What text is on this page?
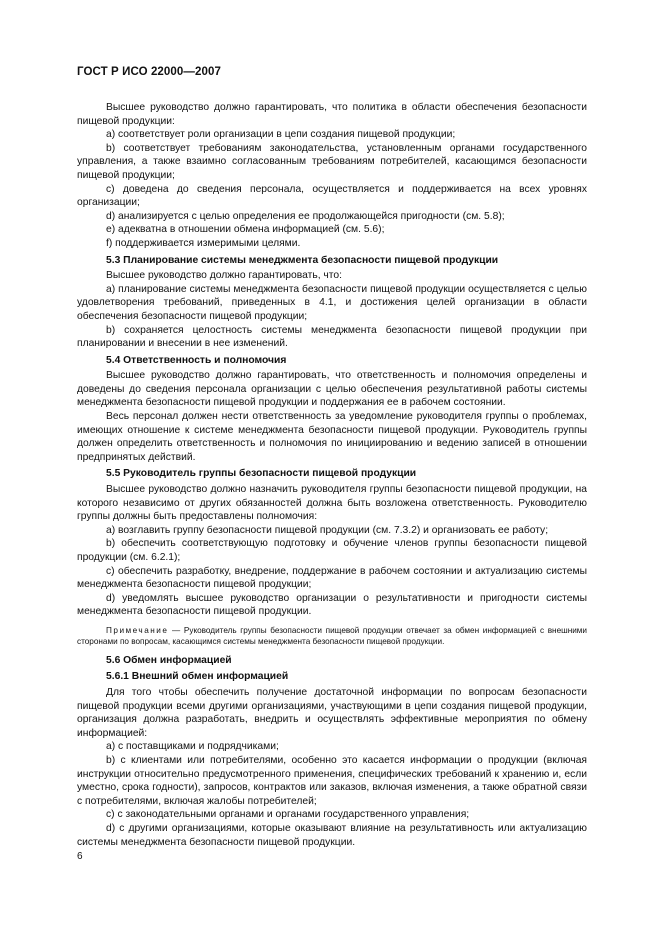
ГОСТ Р ИСО 22000—2007

Высшее руководство должно гарантировать, что политика в области обеспечения безопасности пищевой продукции:

a) соответствует роли организации в цепи создания пищевой продукции;

b) соответствует требованиям законодательства, установленным органами государственного управления, а также взаимно согласованным требованиям потребителей, касающимся безопасности пищевой продукции;

c) доведена до сведения персонала, осуществляется и поддерживается на всех уровнях организации;

d) анализируется с целью определения ее продолжающейся пригодности (см. 5.8);

e) адекватна в отношении обмена информацией (см. 5.6);

f) поддерживается измеримыми целями.

5.3 Планирование системы менеджмента безопасности пищевой продукции

Высшее руководство должно гарантировать, что:

a) планирование системы менеджмента безопасности пищевой продукции осуществляется с целью удовлетворения требований, приведенных в 4.1, и достижения целей организации в области обеспечения безопасности пищевой продукции;

b) сохраняется целостность системы менеджмента безопасности пищевой продукции при планировании и внесении в нее изменений.

5.4 Ответственность и полномочия

Высшее руководство должно гарантировать, что ответственность и полномочия определены и доведены до сведения персонала организации с целью обеспечения результативной работы системы менеджмента безопасности пищевой продукции и поддержания ее в рабочем состоянии.

Весь персонал должен нести ответственность за уведомление руководителя группы о проблемах, имеющих отношение к системе менеджмента безопасности пищевой продукции. Руководитель группы должен определить ответственность и полномочия по инициированию и ведению записей в отношении предпринятых действий.

5.5 Руководитель группы безопасности пищевой продукции

Высшее руководство должно назначить руководителя группы безопасности пищевой продукции, на которого независимо от других обязанностей должна быть возложена ответственность. Руководителю группы должны быть предоставлены полномочия:

a) возглавить группу безопасности пищевой продукции (см. 7.3.2) и организовать ее работу;

b) обеспечить соответствующую подготовку и обучение членов группы безопасности пищевой продукции (см. 6.2.1);

c) обеспечить разработку, внедрение, поддержание в рабочем состоянии и актуализацию системы менеджмента безопасности пищевой продукции;

d) уведомлять высшее руководство организации о результативности и пригодности системы менеджмента безопасности пищевой продукции.

Примечание — Руководитель группы безопасности пищевой продукции отвечает за обмен информацией с внешними сторонами по вопросам, касающимся системы менеджмента безопасности пищевой продукции.

5.6 Обмен информацией
5.6.1 Внешний обмен информацией

Для того чтобы обеспечить получение достаточной информации по вопросам безопасности пищевой продукции всеми другими организациями, участвующими в цепи создания пищевой продукции, организация должна разработать, внедрить и осуществлять эффективные мероприятия по обмену информацией:

a) с поставщиками и подрядчиками;

b) с клиентами или потребителями, особенно это касается информации о продукции (включая инструкции относительно предусмотренного применения, специфических требований к хранению и, если уместно, срока годности), запросов, контрактов или заказов, включая изменения, а также обратной связи с потребителями, включая жалобы потребителей;

c) с законодательными органами и органами государственного управления;

d) с другими организациями, которые оказывают влияние на результативность или актуализацию системы менеджмента безопасности пищевой продукции.

6
